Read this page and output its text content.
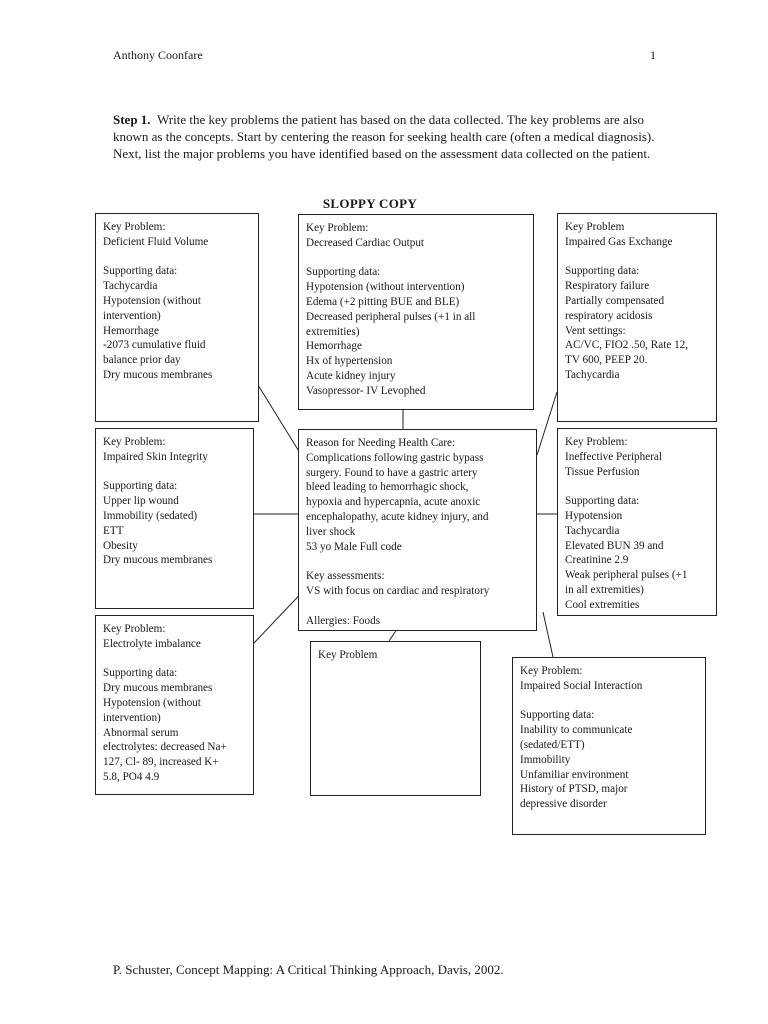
Anthony Coonfare	1
Step 1. Write the key problems the patient has based on the data collected. The key problems are also known as the concepts. Start by centering the reason for seeking health care (often a medical diagnosis). Next, list the major problems you have identified based on the assessment data collected on the patient.
SLOPPY COPY
Key Problem:
Deficient Fluid Volume
Supporting data:
Tachycardia
Hypotension (without
intervention)
Hemorrhage
-2073 cumulative fluid
balance prior day
Dry mucous membranes
Key Problem:
Decreased Cardiac Output
Supporting data:
Hypotension (without intervention)
Edema (+2 pitting BUE and BLE)
Decreased peripheral pulses (+1 in all
extremities)
Hemorrhage
Hx of hypertension
Acute kidney injury
Vasopressor- IV Levophed
Key Problem
Impaired Gas Exchange
Supporting data:
Respiratory failure
Partially compensated
respiratory acidosis
Vent settings:
AC/VC, FIO2 .50, Rate 12,
TV 600, PEEP 20.
Tachycardia
Key Problem:
Impaired Skin Integrity
Supporting data:
Upper lip wound
Immobility (sedated)
ETT
Obesity
Dry mucous membranes
Reason for Needing Health Care:
Complications following gastric bypass
surgery. Found to have a gastric artery
bleed leading to hemorrhagic shock,
hypoxia and hypercapnia, acute anoxic
encephalopathy, acute kidney injury, and
liver shock
53 yo Male Full code
Key assessments:
VS with focus on cardiac and respiratory
Allergies: Foods
Key Problem:
Ineffective Peripheral
Tissue Perfusion
Supporting data:
Hypotension
Tachycardia
Elevated BUN 39 and
Creatinine 2.9
Weak peripheral pulses (+1
in all extremities)
Cool extremities
Key Problem:
Electrolyte imbalance
Supporting data:
Dry mucous membranes
Hypotension (without
intervention)
Abnormal serum
electrolytes: decreased Na+
127, Cl- 89, increased K+
5.8, PO4 4.9
Key Problem
Key Problem:
Impaired Social Interaction
Supporting data:
Inability to communicate
(sedated/ETT)
Immobility
Unfamiliar environment
History of PTSD, major
depressive disorder
P. Schuster, Concept Mapping: A Critical Thinking Approach, Davis, 2002.
